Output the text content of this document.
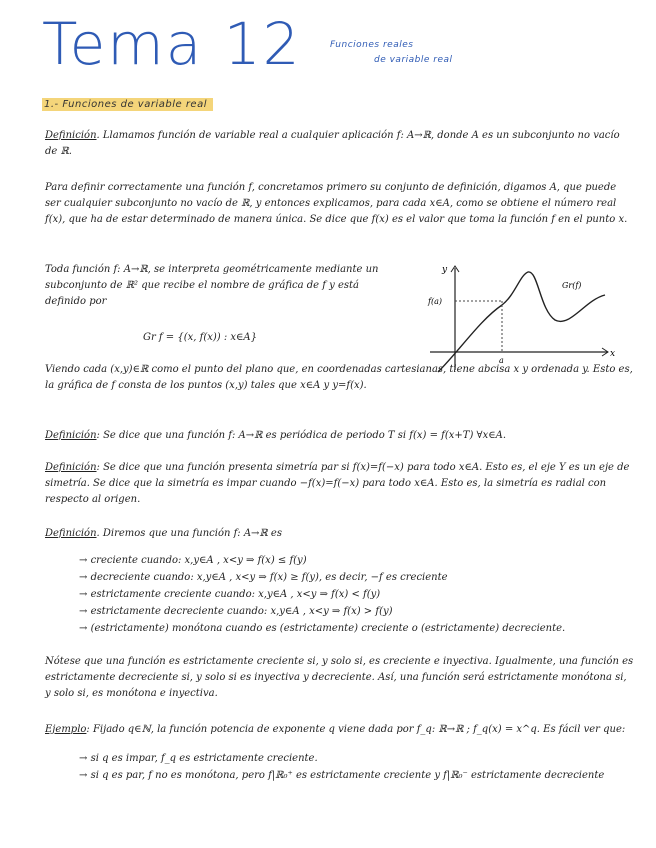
Tema 12	Funciones reales
de variable real
1.- Funciones de variable real
Definición. Llamamos función de variable real a cualquier aplicación f: A→ℝ, donde A es un subconjunto no vacío de ℝ.
Para definir correctamente una función f, concretamos primero su conjunto de definición, digamos A, que puede ser cualquier subconjunto no vacío de ℝ, y entonces explicamos, para cada x∈A, como se obtiene el número real f(x), que ha de estar determinado de manera única. Se dice que f(x) es el valor que toma la función f en el punto x.
Toda función f: A→ℝ, se interpreta geométricamente mediante un subconjunto de ℝ² que recibe el nombre de gráfica de f y está definido por
Gr f = {(x, f(x)) : x∈A}
y
x
f(a)
a
Gr(f)
Viendo cada (x,y)∈ℝ como el punto del plano que, en coordenadas cartesianas, tiene abcisa x y ordenada y. Esto es, la gráfica de f consta de los puntos (x,y) tales que x∈A y y=f(x).
Definición: Se dice que una función f: A→ℝ es periódica de periodo T si f(x) = f(x+T) ∀x∈A.
Definición: Se dice que una función presenta simetría par si f(x)=f(−x) para todo x∈A. Esto es, el eje Y es un eje de simetría. Se dice que la simetría es impar cuando −f(x)=f(−x) para todo x∈A. Esto es, la simetría es radial con respecto al origen.
Definición. Diremos que una función f: A→ℝ es
→ creciente cuando: x,y∈A , x<y ⇒ f(x) ≤ f(y)
→ decreciente cuando: x,y∈A , x<y ⇒ f(x) ≥ f(y), es decir, −f es creciente
→ estrictamente creciente cuando: x,y∈A , x<y ⇒ f(x) < f(y)
→ estrictamente decreciente cuando: x,y∈A , x<y ⇒ f(x) > f(y)
→ (estrictamente) monótona cuando es (estrictamente) creciente o (estrictamente) decreciente.
Nótese que una función es estrictamente creciente si, y solo si, es creciente e inyectiva. Igualmente, una función es estrictamente decreciente si, y solo si es inyectiva y decreciente. Así, una función será estrictamente monótona si, y solo si, es monótona e inyectiva.
Ejemplo: Fijado q∈ℕ, la función potencia de exponente q viene dada por f_q: ℝ→ℝ ; f_q(x) = x^q. Es fácil ver que:
→ si q es impar, f_q es estrictamente creciente.
→ si q es par, f no es monótona, pero f|ℝ₀⁺ es estrictamente creciente y f|ℝ₀⁻ estrictamente decreciente
